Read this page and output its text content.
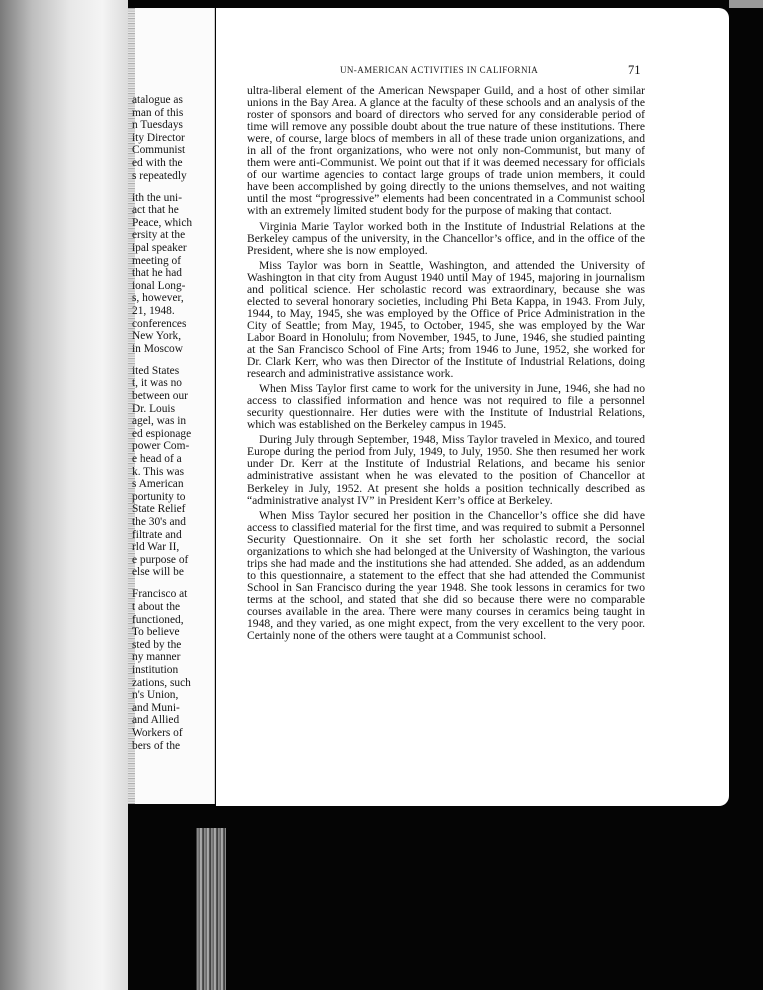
atalogue as
man of this
n Tuesdays
ity Director
Communist
ed with the
s repeatedly
ith the uni-
act that he
Peace, which
ersity at the
ipal speaker
meeting of
that he had
ional Long-
s, however,
21, 1948.
conferences
New York,
in Moscow
ited States
t, it was no
between our
Dr. Louis
agel, was in
ed espionage
power Com-
e head of a
k. This was
s American
portunity to
State Relief
the 30's and
filtrate and
rld War II,
e purpose of
else will be
Francisco at
t about the
functioned,
To believe
sted by the
ny manner
institution
zations, such
n's Union,
and Muni-
and Allied
Workers of
bers of the
UN-AMERICAN ACTIVITIES IN CALIFORNIA	71

ultra-liberal element of the American Newspaper Guild, and a host of other similar unions in the Bay Area. A glance at the faculty of these schools and an analysis of the roster of sponsors and board of directors who served for any considerable period of time will remove any possible doubt about the true nature of these institutions. There were, of course, large blocs of members in all of these trade union organizations, and in all of the front organizations, who were not only non-Communist, but many of them were anti-Communist. We point out that if it was deemed necessary for officials of our wartime agencies to contact large groups of trade union members, it could have been accomplished by going directly to the unions themselves, and not waiting until the most “progressive” elements had been concentrated in a Communist school with an extremely limited student body for the purpose of making that contact.

Virginia Marie Taylor worked both in the Institute of Industrial Relations at the Berkeley campus of the university, in the Chancellor’s office, and in the office of the President, where she is now employed.

Miss Taylor was born in Seattle, Washington, and attended the University of Washington in that city from August 1940 until May of 1945, majoring in journalism and political science. Her scholastic record was extraordinary, because she was elected to several honorary societies, including Phi Beta Kappa, in 1943. From July, 1944, to May, 1945, she was employed by the Office of Price Administration in the City of Seattle; from May, 1945, to October, 1945, she was employed by the War Labor Board in Honolulu; from November, 1945, to June, 1946, she studied painting at the San Francisco School of Fine Arts; from 1946 to June, 1952, she worked for Dr. Clark Kerr, who was then Director of the Institute of Industrial Relations, doing research and administrative assistance work.

When Miss Taylor first came to work for the university in June, 1946, she had no access to classified information and hence was not required to file a personnel security questionnaire. Her duties were with the Institute of Industrial Relations, which was established on the Berkeley campus in 1945.

During July through September, 1948, Miss Taylor traveled in Mexico, and toured Europe during the period from July, 1949, to July, 1950. She then resumed her work under Dr. Kerr at the Institute of Industrial Relations, and became his senior administrative assistant when he was elevated to the position of Chancellor at Berkeley in July, 1952. At present she holds a position technically described as “administrative analyst IV” in President Kerr’s office at Berkeley.

When Miss Taylor secured her position in the Chancellor’s office she did have access to classified material for the first time, and was required to submit a Personnel Security Questionnaire. On it she set forth her scholastic record, the social organizations to which she had belonged at the University of Washington, the various trips she had made and the institutions she had attended. She added, as an addendum to this questionnaire, a statement to the effect that she had attended the Communist School in San Francisco during the year 1948. She took lessons in ceramics for two terms at the school, and stated that she did so because there were no comparable courses available in the area. There were many courses in ceramics being taught in 1948, and they varied, as one might expect, from the very excellent to the very poor. Certainly none of the others were taught at a Communist school.
